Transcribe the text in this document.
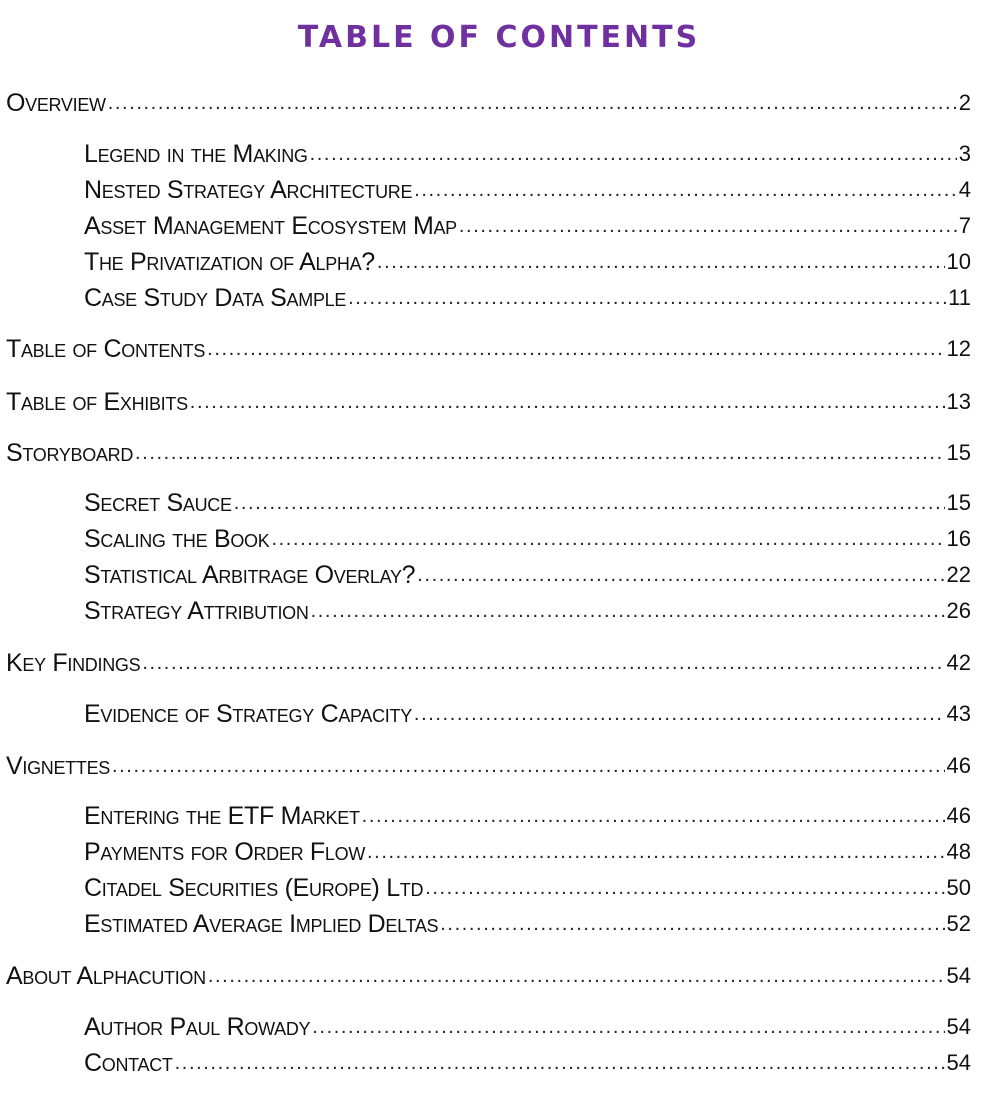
TABLE OF CONTENTS
Overview .....	2
Legend in the Making .....	3
Nested Strategy Architecture .....	4
Asset Management Ecosystem Map .....	7
The Privatization of Alpha? .....	10
Case Study Data Sample .....	11
Table of Contents .....	12
Table of Exhibits .....	13
Storyboard .....	15
Secret Sauce .....	15
Scaling the Book .....	16
Statistical Arbitrage Overlay? .....	22
Strategy Attribution .....	26
Key Findings .....	42
Evidence of Strategy Capacity .....	43
Vignettes .....	46
Entering the ETF Market .....	46
Payments for Order Flow .....	48
Citadel Securities (Europe) Ltd .....	50
Estimated Average Implied Deltas .....	52
About Alphacution .....	54
Author Paul Rowady .....	54
Contact .....	54
